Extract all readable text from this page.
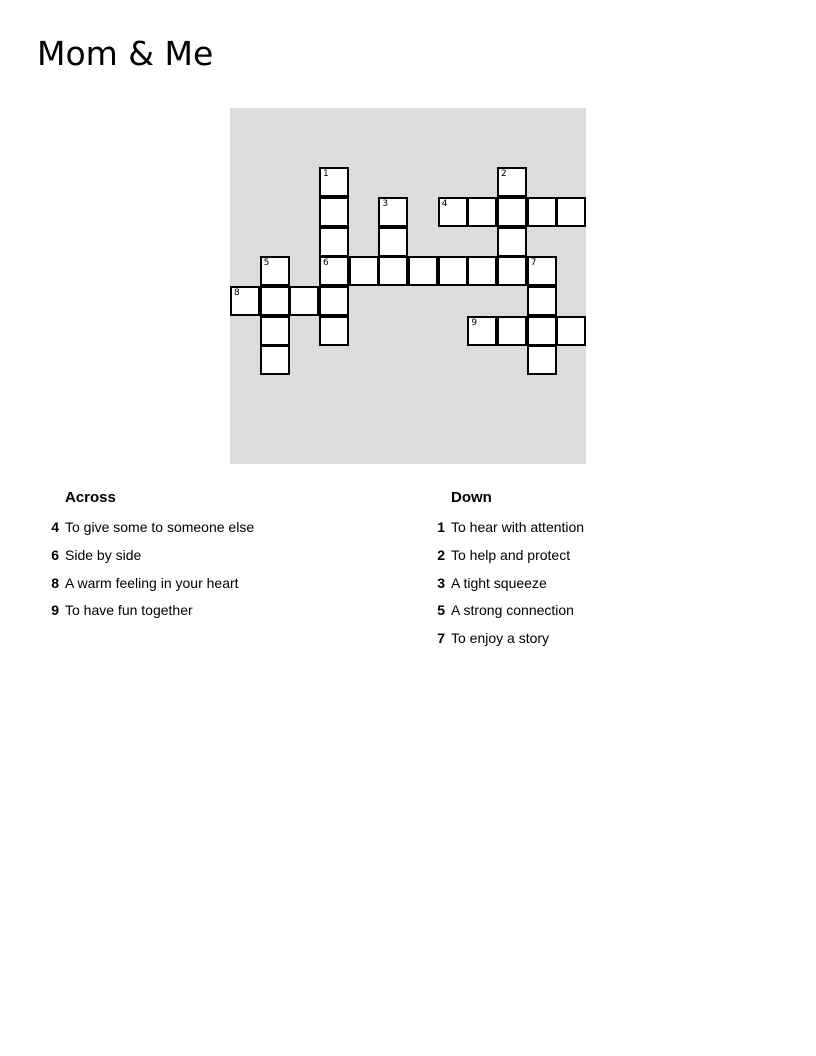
Mom & Me
1	2
3	4
5	6	7
8
9
Across
4 To give some to someone else
6 Side by side
8 A warm feeling in your heart
9 To have fun together
Down
1 To hear with attention
2 To help and protect
3 A tight squeeze
5 A strong connection
7 To enjoy a story
